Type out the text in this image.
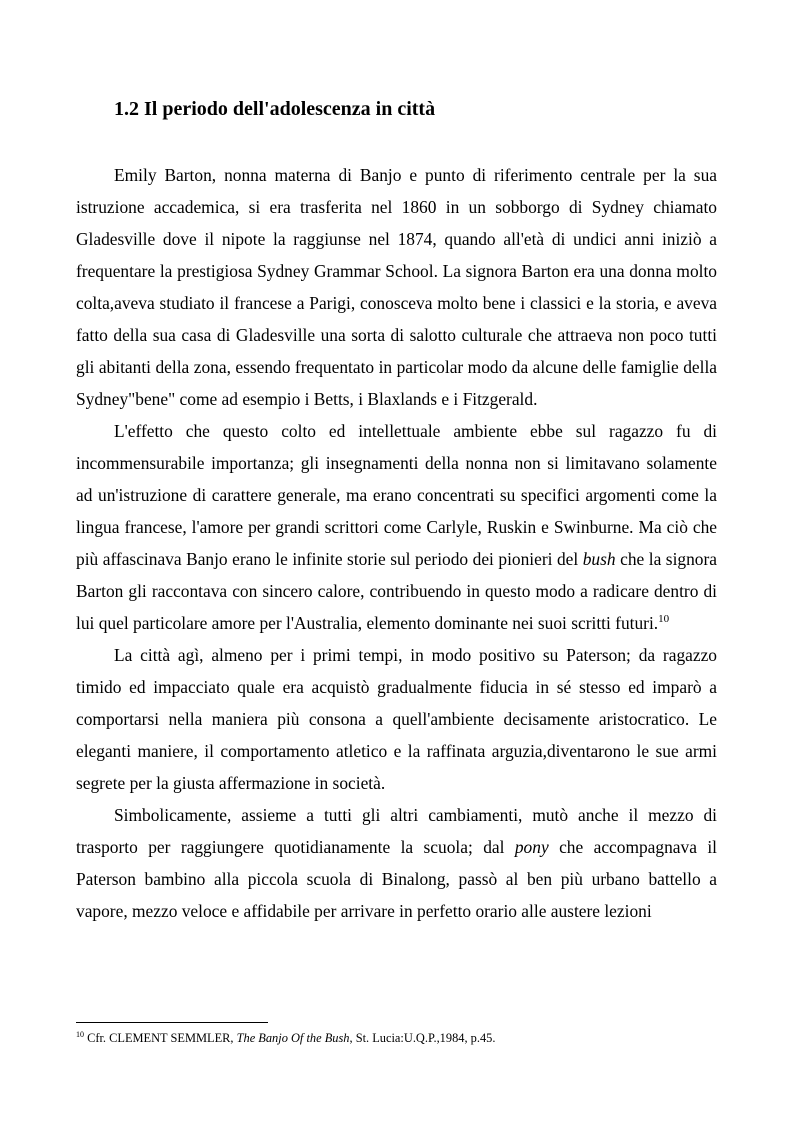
1.2 Il periodo dell'adolescenza in città

Emily Barton, nonna materna di Banjo e punto di riferimento centrale per la sua istruzione accademica, si era trasferita nel 1860 in un sobborgo di Sydney chiamato Gladesville dove il nipote la raggiunse nel 1874, quando all'età di undici anni iniziò a frequentare la prestigiosa Sydney Grammar School. La signora Barton era una donna molto colta,aveva studiato il francese a Parigi, conosceva molto bene i classici e la storia, e aveva fatto della sua casa di Gladesville una sorta di salotto culturale che attraeva non poco tutti gli abitanti della zona, essendo frequentato in particolar modo da alcune delle famiglie della Sydney"bene" come ad esempio i Betts, i Blaxlands e i Fitzgerald.

L'effetto che questo colto ed intellettuale ambiente ebbe sul ragazzo fu di incommensurabile importanza; gli insegnamenti della nonna non si limitavano solamente ad un'istruzione di carattere generale, ma erano concentrati su specifici argomenti come la lingua francese, l'amore per grandi scrittori come Carlyle, Ruskin e Swinburne. Ma ciò che più affascinava Banjo erano le infinite storie sul periodo dei pionieri del bush che la signora Barton gli raccontava con sincero calore, contribuendo in questo modo a radicare dentro di lui quel particolare amore per l'Australia, elemento dominante nei suoi scritti futuri.$^{10}$

La città agì, almeno per i primi tempi, in modo positivo su Paterson; da ragazzo timido ed impacciato quale era acquistò gradualmente fiducia in sé stesso ed imparò a comportarsi nella maniera più consona a quell'ambiente decisamente aristocratico. Le eleganti maniere, il comportamento atletico e la raffinata arguzia,diventarono le sue armi segrete per la giusta affermazione in società.

Simbolicamente, assieme a tutti gli altri cambiamenti, mutò anche il mezzo di trasporto per raggiungere quotidianamente la scuola; dal pony che accompagnava il Paterson bambino alla piccola scuola di Binalong, passò al ben più urbano battello a vapore, mezzo veloce e affidabile per arrivare in perfetto orario alle austere lezioni

$^{10}$ Cfr. CLEMENT SEMMLER, The Banjo Of the Bush, St. Lucia:U.Q.P.,1984, p.45.
